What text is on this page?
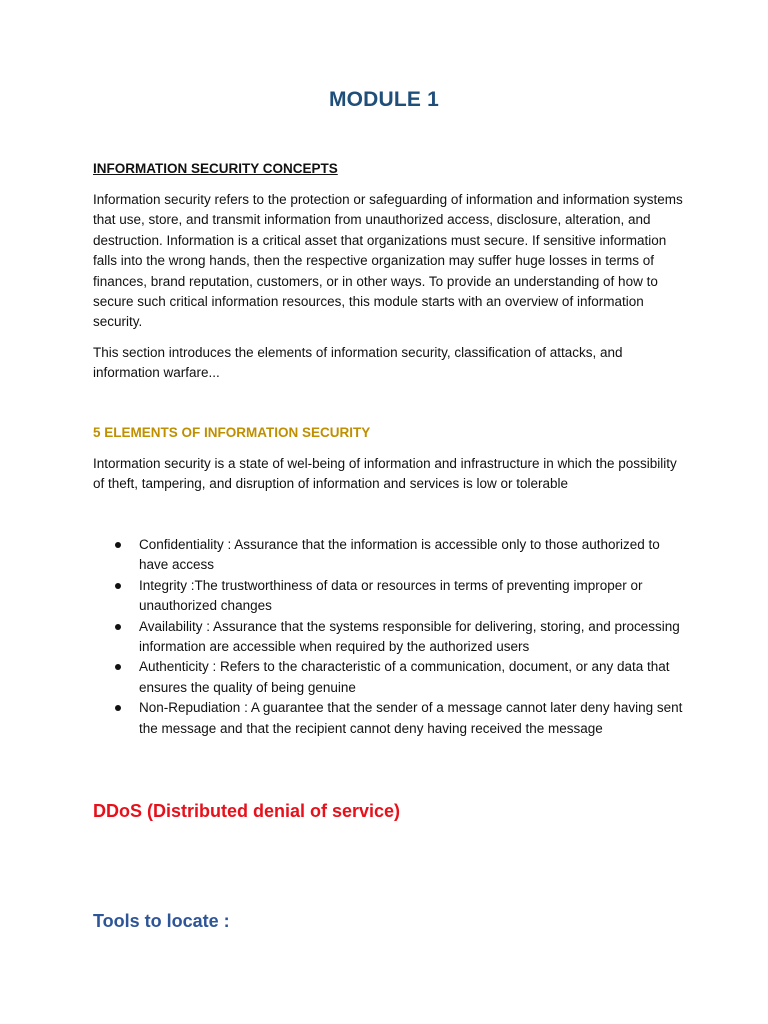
MODULE 1
INFORMATION SECURITY CONCEPTS

Information security refers to the protection or safeguarding of information and information systems that use, store, and transmit information from unauthorized access, disclosure, alteration, and destruction. Information is a critical asset that organizations must secure. If sensitive information falls into the wrong hands, then the respective organization may suffer huge losses in terms of finances, brand reputation, customers, or in other ways. To provide an understanding of how to secure such critical information resources, this module starts with an overview of information security.

This section introduces the elements of information security, classification of attacks, and information warfare...

5 ELEMENTS OF INFORMATION SECURITY

Intormation security is a state of wel-being of information and infrastructure in which the possibility of theft, tampering, and disruption of information and services is low or tolerable

Confidentiality : Assurance that the information is accessible only to those authorized to have access
Integrity :The trustworthiness of data or resources in terms of preventing improper or unauthorized changes
Availability : Assurance that the systems responsible for delivering, storing, and processing information are accessible when required by the authorized users
Authenticity : Refers to the characteristic of a communication, document, or any data that ensures the quality of being genuine
Non-Repudiation : A guarantee that the sender of a message cannot later deny having sent the message and that the recipient cannot deny having received the message
DDoS (Distributed denial of service)
Tools to locate :
